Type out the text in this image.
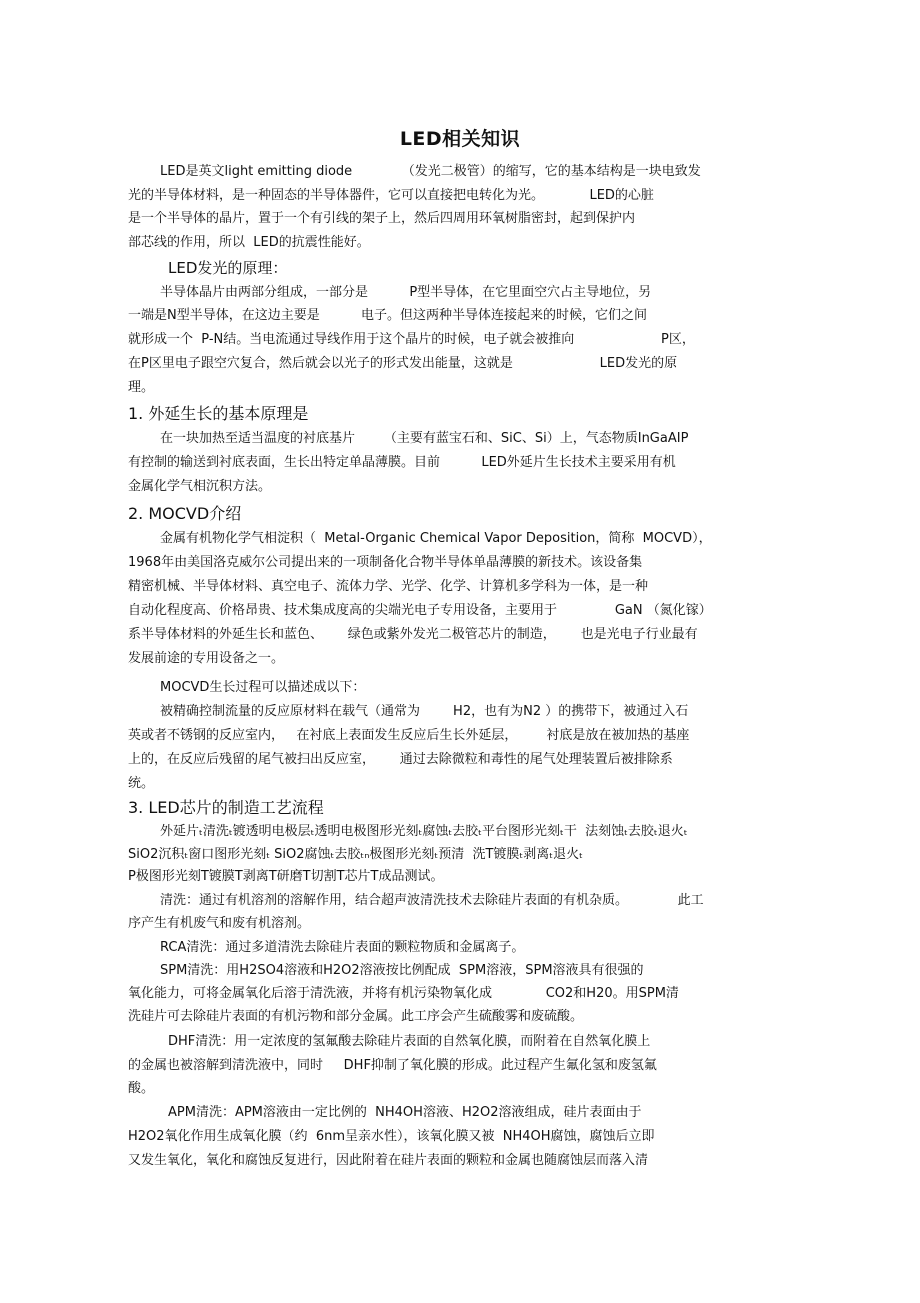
LED相关知识
LED是英文light emitting diode            （发光二极管）的缩写，它的基本结构是一块电致发
光的半导体材料，是一种固态的半导体器件，它可以直接把电转化为光。           LED的心脏
是一个半导体的晶片，置于一个有引线的架子上，然后四周用环氧树脂密封，起到保护内
部芯线的作用，所以  LED的抗震性能好。
LED发光的原理：
半导体晶片由两部分组成，一部分是          P型半导体，在它里面空穴占主导地位，另
一端是N型半导体，在这边主要是          电子。但这两种半导体连接起来的时候，它们之间
就形成一个  P-N结。当电流通过导线作用于这个晶片的时候，电子就会被推向                     P区，
在P区里电子跟空穴复合，然后就会以光子的形式发出能量，这就是                     LED发光的原
理。
1. 外延生长的基本原理是
在一块加热至适当温度的衬底基片       （主要有蓝宝石和、SiC、Si）上，气态物质InGaAIP
有控制的输送到衬底表面，生长出特定单晶薄膜。目前          LED外延片生长技术主要采用有机
金属化学气相沉积方法。
2. MOCVD介绍
金属有机物化学气相淀积（  Metal-Organic Chemical Vapor Deposition，简称  MOCVD），
1968年由美国洛克威尔公司提出来的一项制备化合物半导体单晶薄膜的新技术。该设备集
精密机械、半导体材料、真空电子、流体力学、光学、化学、计算机多学科为一体，是一种
自动化程度高、价格昂贵、技术集成度高的尖端光电子专用设备，主要用于              GaN （氮化镓）
系半导体材料的外延生长和蓝色、      绿色或紫外发光二极管芯片的制造，      也是光电子行业最有
发展前途的专用设备之一。
MOCVD生长过程可以描述成以下：
被精确控制流量的反应原材料在载气（通常为        H2，也有为N2 ）的携带下，被通过入石
英或者不锈钢的反应室内，   在衬底上表面发生反应后生长外延层，       衬底是放在被加热的基座
上的，在反应后残留的尾气被扫出反应室，      通过去除微粒和毒性的尾气处理装置后被排除系
统。
3. LED芯片的制造工艺流程
外延片ₜ清洗ₜ镀透明电极层ₜ透明电极图形光刻ₜ腐蚀ₜ去胶ₜ平台图形光刻ₜ干  法刻蚀ₜ去胶ₜ退火ₜ
SiO2沉积ₜ窗口图形光刻ₜ SiO2腐蚀ₜ去胶ₜₙ极图形光刻ₜ预清  洗T镀膜ₜ剥离ₜ退火ₜ
P极图形光刻T镀膜T剥离T研磨T切割T芯片T成品测试。
清洗：通过有机溶剂的溶解作用，结合超声波清洗技术去除硅片表面的有机杂质。            此工
序产生有机废气和废有机溶剂。
RCA清洗：通过多道清洗去除硅片表面的颗粒物质和金属离子。
SPM清洗：用H2SO4溶液和H2O2溶液按比例配成  SPM溶液，SPM溶液具有很强的
氧化能力，可将金属氧化后溶于清洗液，并将有机污染物氧化成             CO2和H20。用SPM清
洗硅片可去除硅片表面的有机污物和部分金属。此工序会产生硫酸雾和废硫酸。
DHF清洗：用一定浓度的氢氟酸去除硅片表面的自然氧化膜，而附着在自然氧化膜上
的金属也被溶解到清洗液中，同时     DHF抑制了氧化膜的形成。此过程产生氟化氢和废氢氟
酸。
APM清洗：APM溶液由一定比例的  NH4OH溶液、H2O2溶液组成，硅片表面由于
H2O2氧化作用生成氧化膜（约  6nm呈亲水性），该氧化膜又被  NH4OH腐蚀，腐蚀后立即
又发生氧化，氧化和腐蚀反复进行，因此附着在硅片表面的颗粒和金属也随腐蚀层而落入清
